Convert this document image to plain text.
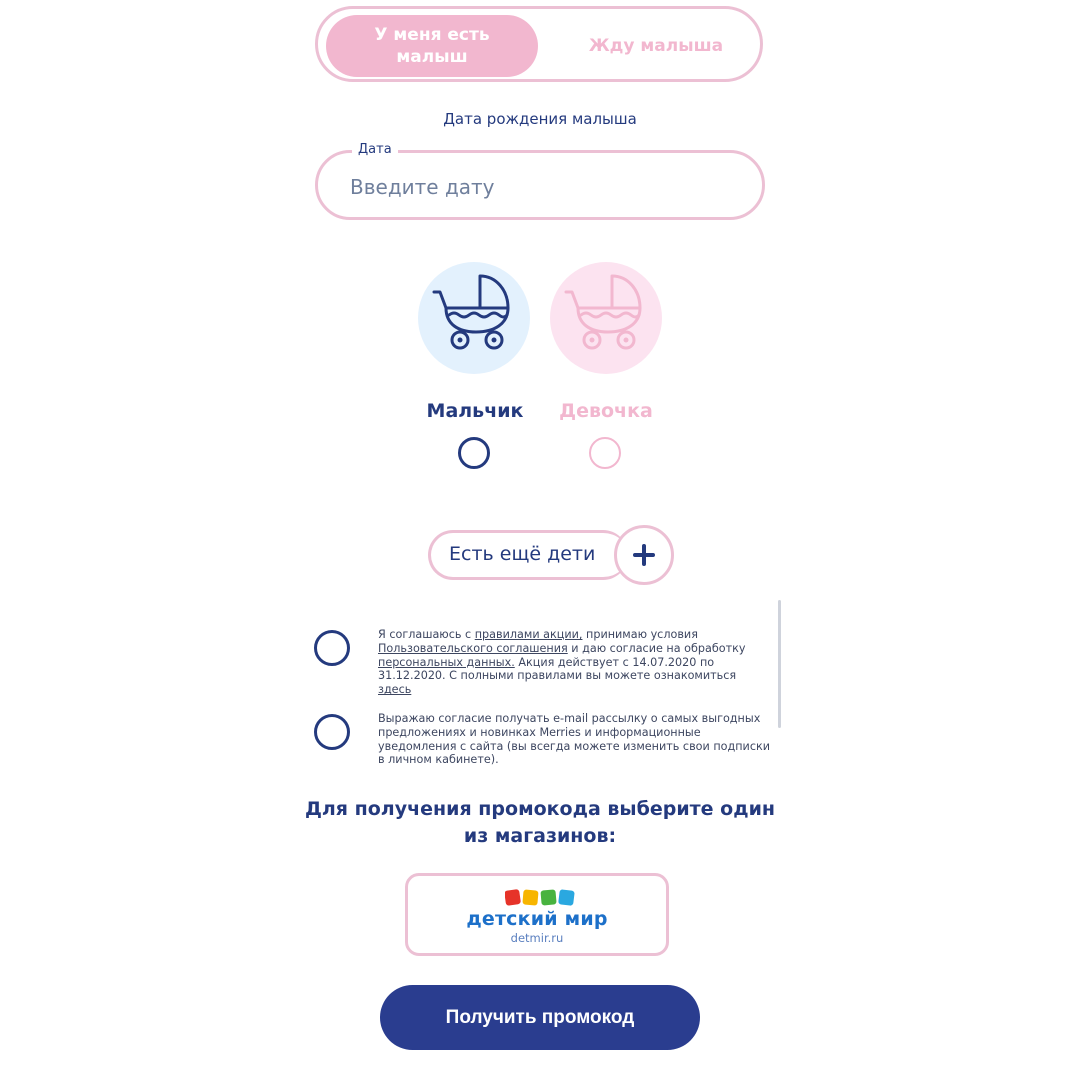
У меня есть
малыш
Жду малыша
Дата рождения малыша
Дата
Введите дату
Мальчик	Девочка
Есть ещё дети
Я соглашаюсь с правилами акции, принимаю условия Пользовательского соглашения и даю согласие на обработку персональных данных. Акция действует с 14.07.2020 по 31.12.2020. С полными правилами вы можете ознакомиться здесь
Выражаю согласие получать e-mail рассылку о самых выгодных предложениях и новинках Merries и информационные уведомления с сайта (вы всегда можете изменить свои подписки в личном кабинете).
Для получения промокода выберите один из магазинов:
детский мир
detmir.ru
Получить промокод
